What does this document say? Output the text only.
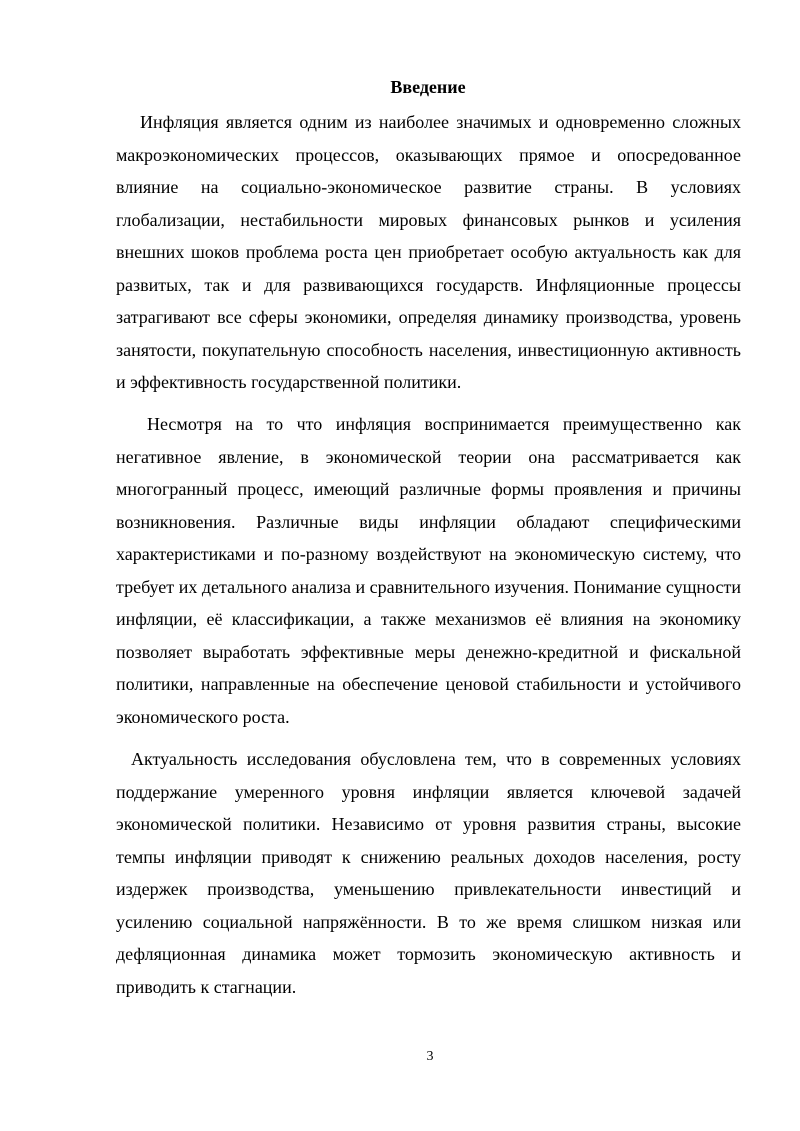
Введение

Инфляция является одним из наиболее значимых и одновременно сложных макроэкономических процессов, оказывающих прямое и опосредованное влияние на социально-экономическое развитие страны. В условиях глобализации, нестабильности мировых финансовых рынков и усиления внешних шоков проблема роста цен приобретает особую актуальность как для развитых, так и для развивающихся государств. Инфляционные процессы затрагивают все сферы экономики, определяя динамику производства, уровень занятости, покупательную способность населения, инвестиционную активность и эффективность государственной политики.

Несмотря на то что инфляция воспринимается преимущественно как негативное явление, в экономической теории она рассматривается как многогранный процесс, имеющий различные формы проявления и причины возникновения. Различные виды инфляции обладают специфическими характеристиками и по-разному воздействуют на экономическую систему, что требует их детального анализа и сравнительного изучения. Понимание сущности инфляции, её классификации, а также механизмов её влияния на экономику позволяет выработать эффективные меры денежно-кредитной и фискальной политики, направленные на обеспечение ценовой стабильности и устойчивого экономического роста.

Актуальность исследования обусловлена тем, что в современных условиях поддержание умеренного уровня инфляции является ключевой задачей экономической политики. Независимо от уровня развития страны, высокие темпы инфляции приводят к снижению реальных доходов населения, росту издержек производства, уменьшению привлекательности инвестиций и усилению социальной напряжённости. В то же время слишком низкая или дефляционная динамика может тормозить экономическую активность и приводить к стагнации.

3
